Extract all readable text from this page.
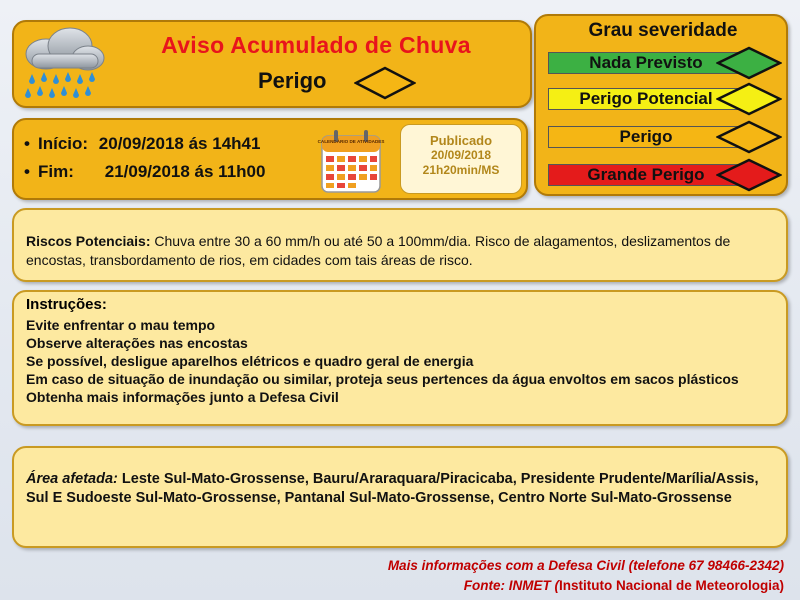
Aviso Acumulado de Chuva
Perigo
Grau severidade
Nada Previsto
Perigo Potencial
Perigo
Grande Perigo
• Início: 20/09/2018 ás 14h41
• Fim: 21/09/2018 ás 11h00
CALENDÁRIO DE ATIVIDADES	Publicado
20/09/2018
21h20min/MS
Riscos Potenciais: Chuva entre 30 a 60 mm/h ou até 50 a 100mm/dia. Risco de alagamentos, deslizamentos de encostas, transbordamento de rios, em cidades com tais áreas de risco.
Instruções:
Evite enfrentar o mau tempo
Observe alterações nas encostas
Se possível, desligue aparelhos elétricos e quadro geral de energia
Em caso de situação de inundação ou similar, proteja seus pertences da água envoltos em sacos plásticos
Obtenha mais informações junto a Defesa Civil
Área afetada: Leste Sul-Mato-Grossense, Bauru/Araraquara/Piracicaba, Presidente Prudente/Marília/Assis, Sul E Sudoeste Sul-Mato-Grossense, Pantanal Sul-Mato-Grossense, Centro Norte Sul-Mato-Grossense
Mais informações com a Defesa Civil (telefone 67 98466-2342)
Fonte: INMET (Instituto Nacional de Meteorologia)
